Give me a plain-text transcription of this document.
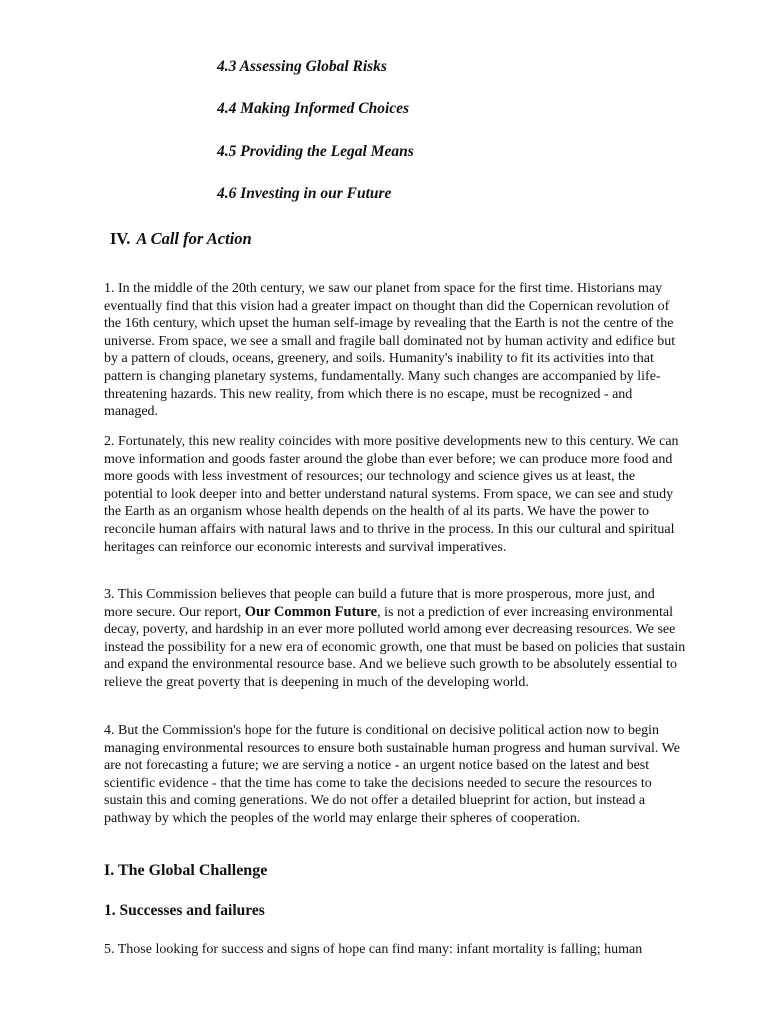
4.3 Assessing Global Risks

4.4 Making Informed Choices

4.5 Providing the Legal Means

4.6 Investing in our Future

IV. A Call for Action

1. In the middle of the 20th century, we saw our planet from space for the first time. Historians may eventually find that this vision had a greater impact on thought than did the Copernican revolution of the 16th century, which upset the human self-image by revealing that the Earth is not the centre of the universe. From space, we see a small and fragile ball dominated not by human activity and edifice but by a pattern of clouds, oceans, greenery, and soils. Humanity's inability to fit its activities into that pattern is changing planetary systems, fundamentally. Many such changes are accompanied by life-threatening hazards. This new reality, from which there is no escape, must be recognized - and managed.

2. Fortunately, this new reality coincides with more positive developments new to this century. We can move information and goods faster around the globe than ever before; we can produce more food and more goods with less investment of resources; our technology and science gives us at least, the potential to look deeper into and better understand natural systems. From space, we can see and study the Earth as an organism whose health depends on the health of al its parts. We have the power to reconcile human affairs with natural laws and to thrive in the process. In this our cultural and spiritual heritages can reinforce our economic interests and survival imperatives.

3. This Commission believes that people can build a future that is more prosperous, more just, and more secure. Our report, Our Common Future, is not a prediction of ever increasing environmental decay, poverty, and hardship in an ever more polluted world among ever decreasing resources. We see instead the possibility for a new era of economic growth, one that must be based on policies that sustain and expand the environmental resource base. And we believe such growth to be absolutely essential to relieve the great poverty that is deepening in much of the developing world.

4. But the Commission's hope for the future is conditional on decisive political action now to begin managing environmental resources to ensure both sustainable human progress and human survival. We are not forecasting a future; we are serving a notice - an urgent notice based on the latest and best scientific evidence - that the time has come to take the decisions needed to secure the resources to sustain this and coming generations. We do not offer a detailed blueprint for action, but instead a pathway by which the peoples of the world may enlarge their spheres of cooperation.

I. The Global Challenge
1. Successes and failures

5. Those looking for success and signs of hope can find many: infant mortality is falling; human
